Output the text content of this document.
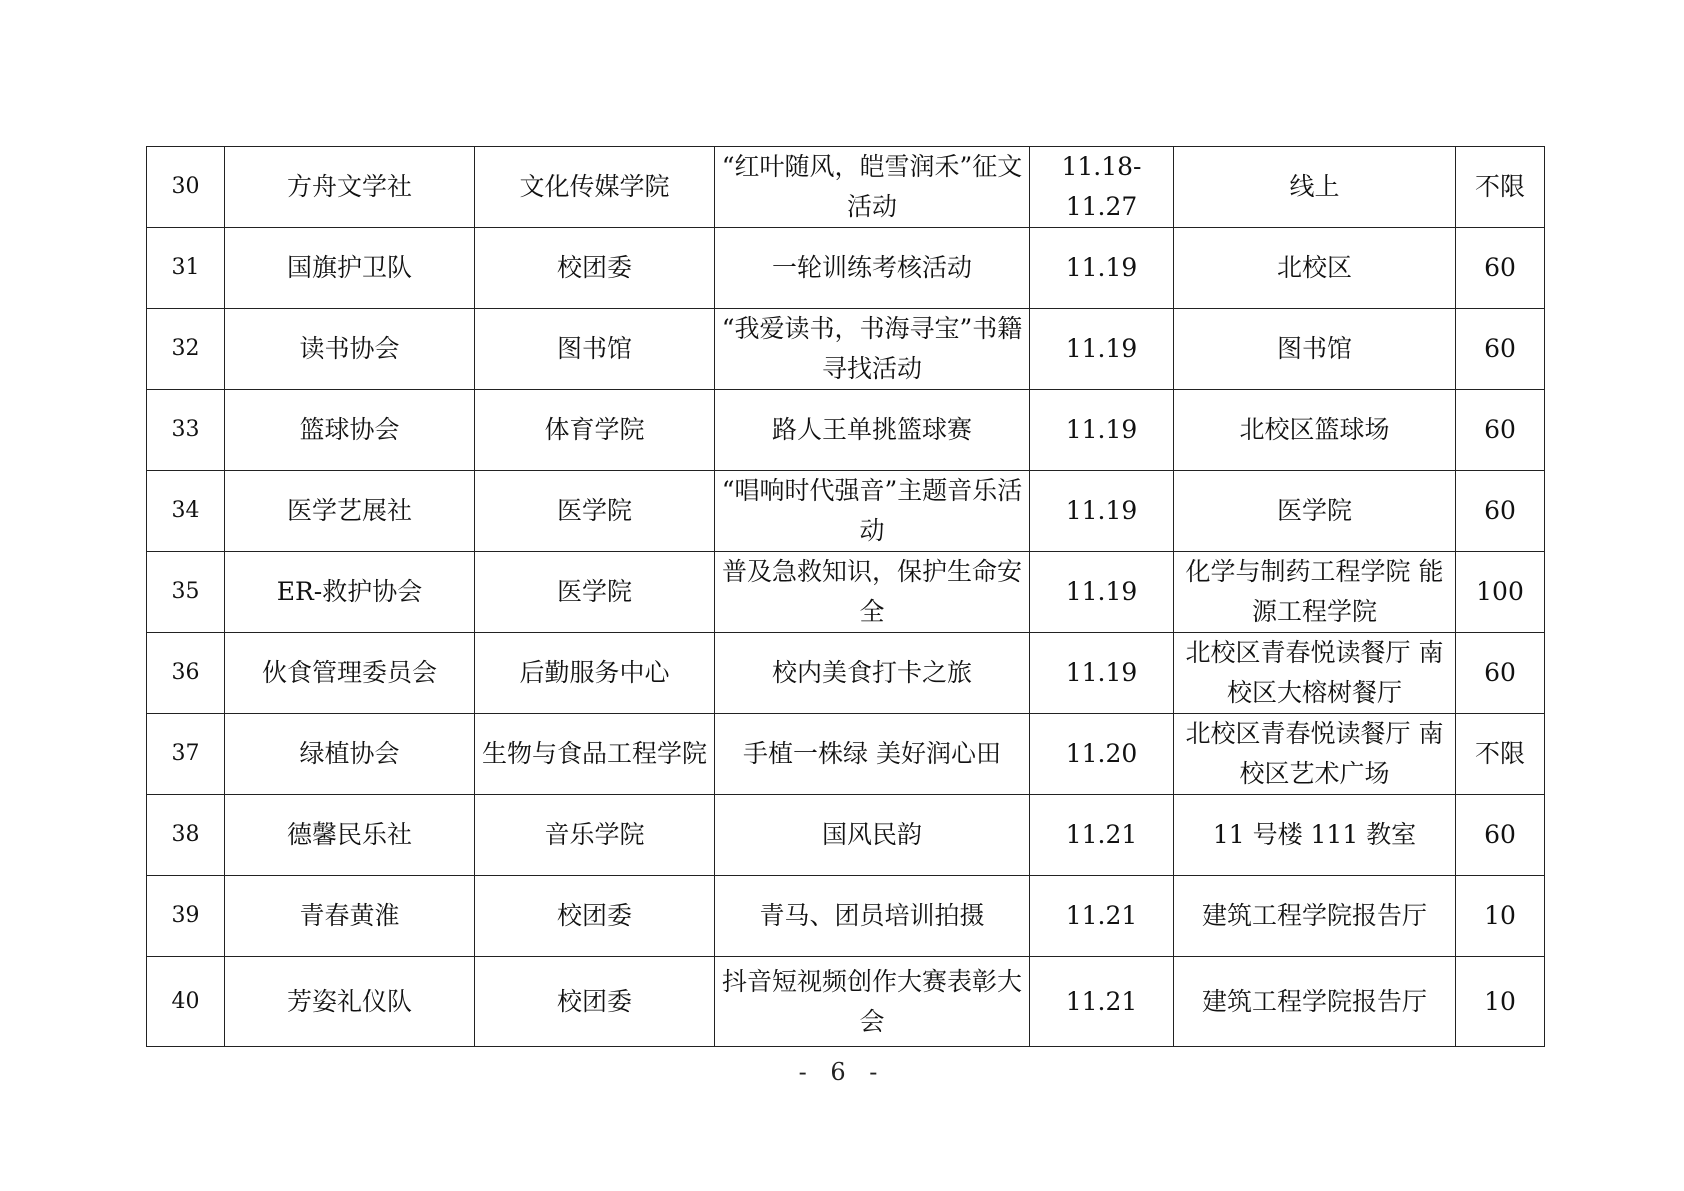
30	方舟文学社	文化传媒学院	“红叶随风，皑雪润禾”征文活动	11.18-11.27	线上	不限
31	国旗护卫队	校团委	一轮训练考核活动	11.19	北校区	60
32	读书协会	图书馆	“我爱读书，书海寻宝”书籍寻找活动	11.19	图书馆	60
33	篮球协会	体育学院	路人王单挑篮球赛	11.19	北校区篮球场	60
34	医学艺展社	医学院	“唱响时代强音”主题音乐活动	11.19	医学院	60
35	ER-救护协会	医学院	普及急救知识，保护生命安全	11.19	化学与制药工程学院 能源工程学院	100
36	伙食管理委员会	后勤服务中心	校内美食打卡之旅	11.19	北校区青春悦读餐厅 南校区大榕树餐厅	60
37	绿植协会	生物与食品工程学院	手植一株绿 美好润心田	11.20	北校区青春悦读餐厅 南校区艺术广场	不限
38	德馨民乐社	音乐学院	国风民韵	11.21	11 号楼 111 教室	60
39	青春黄淮	校团委	青马、团员培训拍摄	11.21	建筑工程学院报告厅	10
40	芳姿礼仪队	校团委	抖音短视频创作大赛表彰大会	11.21	建筑工程学院报告厅	10
- 6 -
